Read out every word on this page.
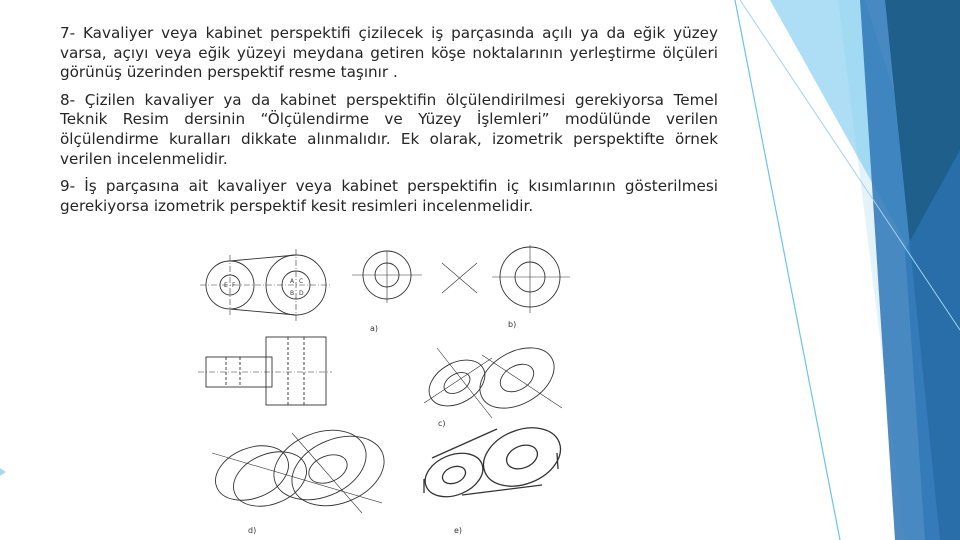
7- Kavaliyer veya kabinet perspektifi çizilecek iş parçasında açılı ya da eğik yüzey varsa, açıyı veya eğik yüzeyi meydana getiren köşe noktalarının yerleştirme ölçüleri görünüş üzerinden perspektif resme taşınır .

8- Çizilen kavaliyer ya da kabinet perspektifin ölçülendirilmesi gerekiyorsa Temel Teknik Resim dersinin “Ölçülendirme ve Yüzey İşlemleri” modülünde verilen ölçülendirme kuralları dikkate alınmalıdır. Ek olarak, izometrik perspektifte örnek verilen incelenmelidir.

9- İş parçasına ait kavaliyer veya kabinet perspektifin iç kısımlarının gösterilmesi gerekiyorsa izometrik perspektif kesit resimleri incelenmelidir.

a)	b)
c)
d)	e)
E F
A
B
C
D
